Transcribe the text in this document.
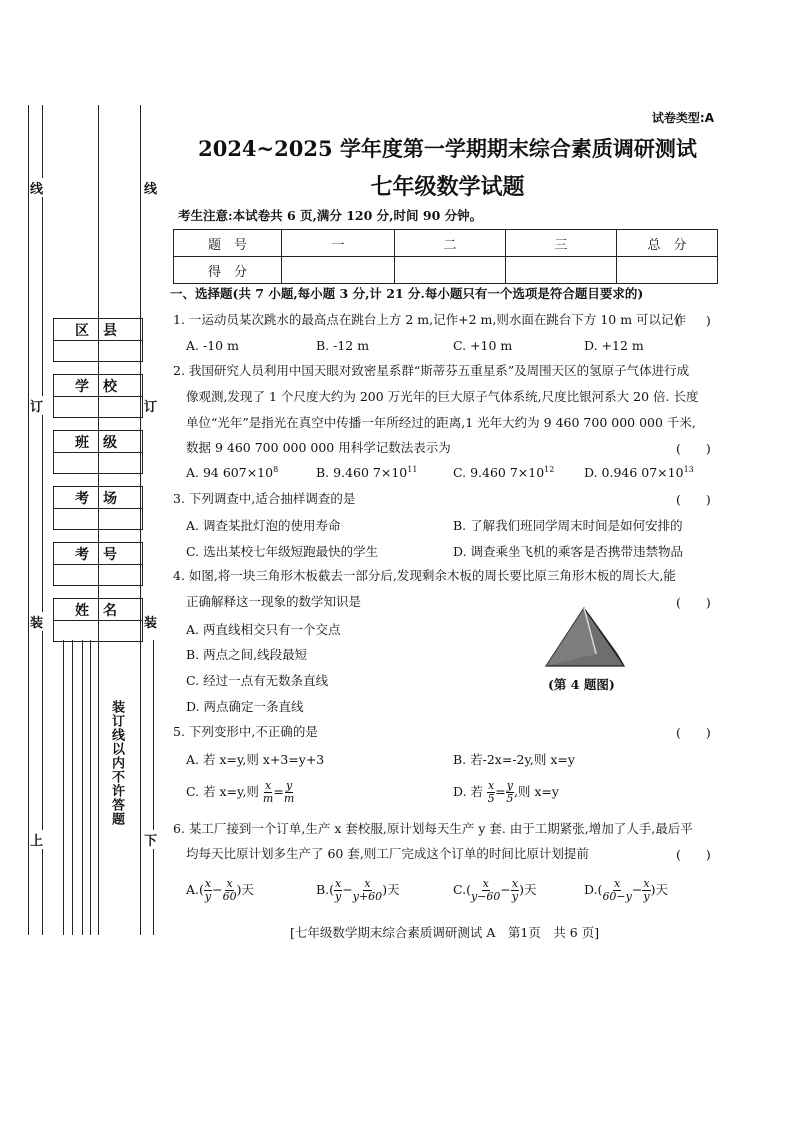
线	线
订	订
装	装
上	下
区县
学校
班级
考场
考号
姓名
装订线以内不许答题
试卷类型:A
2024~2025 学年度第一学期期末综合素质调研测试
七年级数学试题
考生注意:本试卷共 6 页,满分 120 分,时间 90 分钟。
题　号	一	二	三	总　分
得　分				
一、选择题(共 7 小题,每小题 3 分,计 21 分.每小题只有一个选项是符合题目要求的)
1. 一运动员某次跳水的最高点在跳台上方 2 m,记作+2 m,则水面在跳台下方 10 m 可以记作
(　　)
A. -10 m	B. -12 m	C. +10 m	D. +12 m
2. 我国研究人员利用中国天眼对致密星系群“斯蒂芬五重星系”及周围天区的氢原子气体进行成
像观测,发现了 1 个尺度大约为 200 万光年的巨大原子气体系统,尺度比银河系大 20 倍. 长度
单位“光年”是指光在真空中传播一年所经过的距离,1 光年大约为 9 460 700 000 000 千米,
数据 9 460 700 000 000 用科学记数法表示为	(　　)
A. 94 $607\times 10^8$	B. 9.460 $7\times 10^{11}$	C. 9.460 $7\times 10^{12}$ D. 0.946 $07\times 10^{13}$
3. 下列调查中,适合抽样调查的是	(　　)
A. 调查某批灯泡的使用寿命	B. 了解我们班同学周末时间是如何安排的
C. 选出某校七年级短跑最快的学生	D. 调查乘坐飞机的乘客是否携带违禁物品
4. 如图,将一块三角形木板截去一部分后,发现剩余木板的周长要比原三角形木板的周长大,能
正确解释这一现象的数学知识是	(　　)
A. 两直线相交只有一个交点
B. 两点之间,线段最短
C. 经过一点有无数条直线
D. 两点确定一条直线
(第 4 题图)
5. 下列变形中,不正确的是	(　　)
A. 若 x=y,则 x+3=y+3	B. 若-2x=-2y,则 x=y
C. 若 x=y,则 $\frac{x}{m} = \frac{y}{m}$	D. 若 $\frac{x}{5} = \frac{y}{5}$ ,则 x=y
6. 某工厂接到一个订单,生产 x 套校服,原计划每天生产 y 套. 由于工期紧张,增加了人手,最后平
均每天比原计划多生产了 60 套,则工厂完成这个订单的时间比原计划提前	(　　)
$A.( \frac{x}{y} - \frac{x}{60}$ )天	$B.( \frac{x}{y} - \frac{x}{y+60}$ )天	$C.( \frac{x}{y-60} - \frac{x}{y}$ )天	$D.( \frac{x}{60-y} - \frac{x}{y}$ )天
[七年级数学期末综合素质调研测试 A　第1页　共 6 页]
